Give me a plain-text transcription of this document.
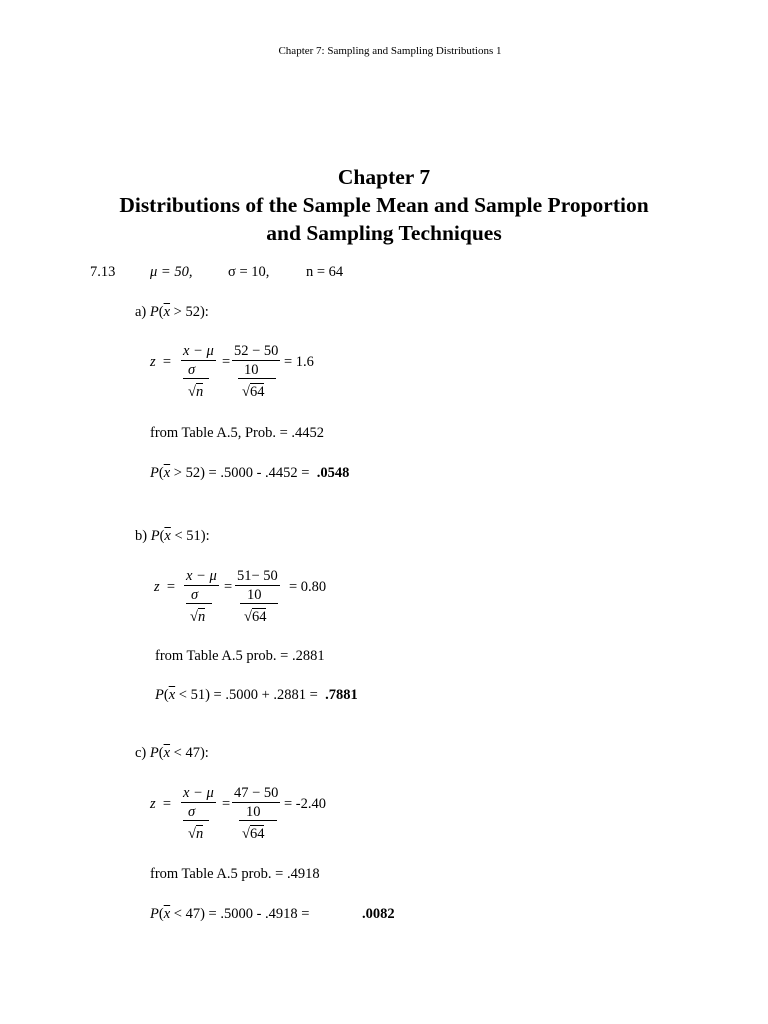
Chapter 7: Sampling and Sampling Distributions 1
Chapter 7
Distributions of the Sample Mean and Sample Proportion
and Sampling Techniques
7.13 μ = 50, σ = 10,	n = 64
a) $P(\overline{x} > 52)$:
z =
x − μ
σ
√n
=
52 − 50
10
√64
= 1.6
from Table A.5, Prob. = .4452
$P(\overline{x} > 52) = .5000 - .4452 = .0548$
b) $P(\overline{x} < 51)$:
z =
x − μ
σ
√n
=
51− 50
10
√64
= 0.80
from Table A.5 prob. = .2881
$P(\overline{x} < 51) = .5000 + .2881 = .7881$
c) $P(\overline{x} < 47)$:
z =
x − μ
σ
√n
=
47 − 50
10
√64
= -2.40
from Table A.5 prob. = .4918
$P(\overline{x} < 47) = .5000 - .4918$ =	.0082
